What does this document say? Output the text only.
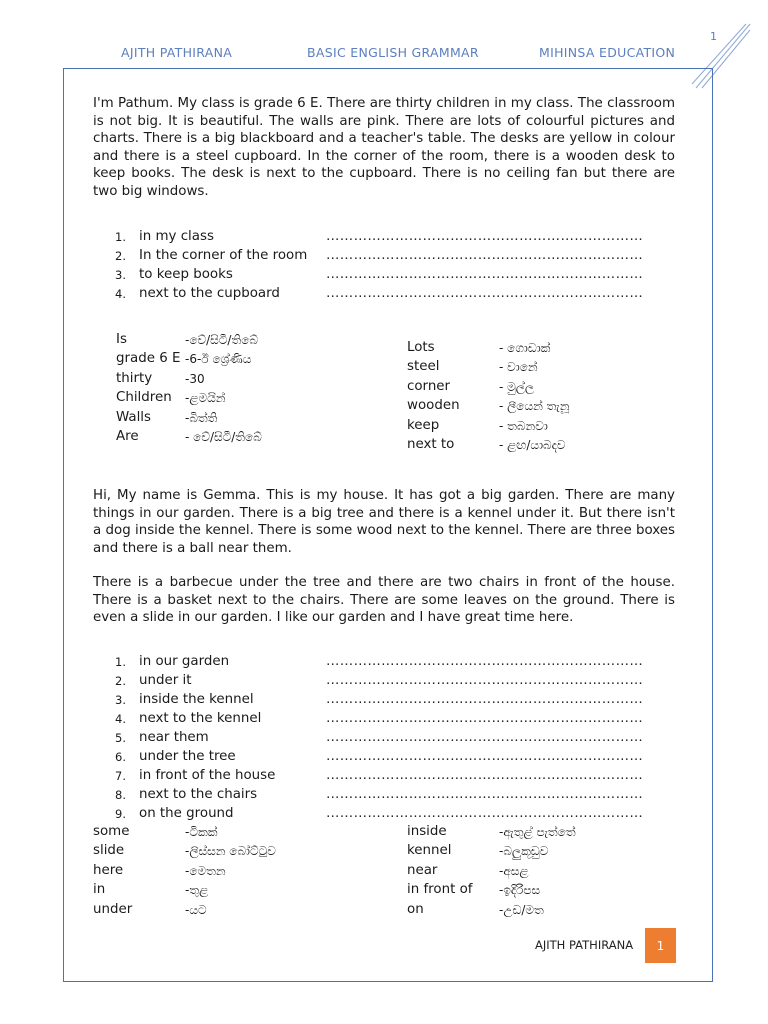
1
AJITH PATHIRANA	BASIC ENGLISH GRAMMAR	MIHINSA EDUCATION

I'm Pathum. My class is grade 6 E. There are thirty children in my class. The classroom is not big. It is beautiful. The walls are pink. There are lots of colourful pictures and charts. There is a big blackboard and a teacher's table. The desks are yellow in colour and there is a steel cupboard. In the corner of the room, there is a wooden desk to keep books. The desk is next to the cupboard. There is no ceiling fan but there are two big windows.

1. in my class	……………………………………………………………
2. In the corner of the room ……………………………………………………………
3. to keep books	……………………………………………………………
4. next to the cupboard	……………………………………………………………
Is	-වේ/සිටී/තිබේ
grade 6 E -6-ඊ ශ්‍රේණිය
thirty	-30
Children -ළමයින්
Walls	-බිත්ති
Are	- වේ/සිටී/තිබේ
Lots	- ගොඩාක්
steel	- වානේ
corner	- මුල්ල
wooden	- ලීයෙන් තැනූ
keep	- තබනවා
next to	- ළඟ/යාබදව

Hi, My name is Gemma. This is my house. It has got a big garden. There are many things in our garden. There is a big tree and there is a kennel under it. But there isn't a dog inside the kennel. There is some wood next to the kennel. There are three boxes and there is a ball near them.

There is a barbecue under the tree and there are two chairs in front of the house. There is a basket next to the chairs. There are some leaves on the ground. There is even a slide in our garden. I like our garden and I have great time here.

1. in our garden	……………………………………………………………
2. under it	……………………………………………………………
3. inside the kennel	……………………………………………………………
4. next to the kennel	……………………………………………………………
5. near them	……………………………………………………………
6. under the tree	……………………………………………………………
7. in front of the house	……………………………………………………………
8. next to the chairs	……………………………………………………………
9. on the ground	……………………………………………………………
some	-ටිකක්
slide	-ලිස්සන බෝට්ටුව
here	-මෙතන
in	-තුළ
under	-යට
inside	-ඇතුළ් පැත්තේ
kennel	-බලුකූඩුව
near	-අසළ
in front of -ඉදිරිපස
on	-උඩ/මත
AJITH PATHIRANA	1
